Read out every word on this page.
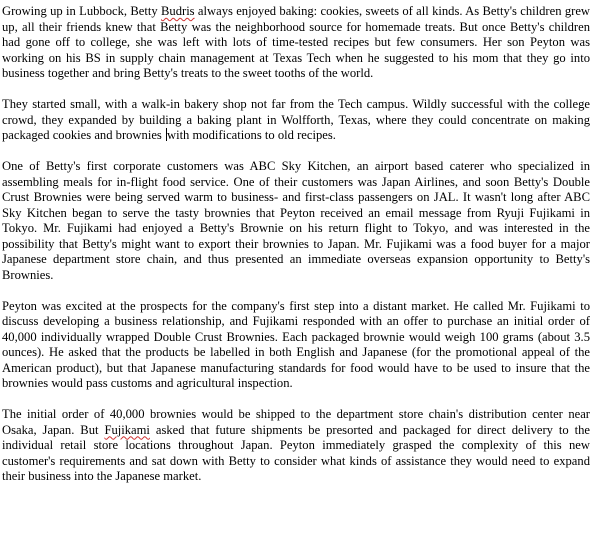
Growing up in Lubbock, Betty Budris always enjoyed baking: cookies, sweets of all kinds. As Betty's children grew up, all their friends knew that Betty was the neighborhood source for homemade treats. But once Betty's children had gone off to college, she was left with lots of time-tested recipes but few consumers. Her son Peyton was working on his BS in supply chain management at Texas Tech when he suggested to his mom that they go into business together and bring Betty's treats to the sweet tooths of the world.

They started small, with a walk-in bakery shop not far from the Tech campus. Wildly successful with the college crowd, they expanded by building a baking plant in Wolfforth, Texas, where they could concentrate on making packaged cookies and brownies with modifications to old recipes.

One of Betty's first corporate customers was ABC Sky Kitchen, an airport based caterer who specialized in assembling meals for in-flight food service. One of their customers was Japan Airlines, and soon Betty's Double Crust Brownies were being served warm to business- and first-class passengers on JAL. It wasn't long after ABC Sky Kitchen began to serve the tasty brownies that Peyton received an email message from Ryuji Fujikami in Tokyo. Mr. Fujikami had enjoyed a Betty's Brownie on his return flight to Tokyo, and was interested in the possibility that Betty's might want to export their brownies to Japan. Mr. Fujikami was a food buyer for a major Japanese department store chain, and thus presented an immediate overseas expansion opportunity to Betty's Brownies.

Peyton was excited at the prospects for the company's first step into a distant market. He called Mr. Fujikami to discuss developing a business relationship, and Fujikami responded with an offer to purchase an initial order of 40,000 individually wrapped Double Crust Brownies. Each packaged brownie would weigh 100 grams (about 3.5 ounces). He asked that the products be labelled in both English and Japanese (for the promotional appeal of the American product), but that Japanese manufacturing standards for food would have to be used to insure that the brownies would pass customs and agricultural inspection.

The initial order of 40,000 brownies would be shipped to the department store chain's distribution center near Osaka, Japan. But Fujikami asked that future shipments be presorted and packaged for direct delivery to the individual retail store locations throughout Japan. Peyton immediately grasped the complexity of this new customer's requirements and sat down with Betty to consider what kinds of assistance they would need to expand their business into the Japanese market.
